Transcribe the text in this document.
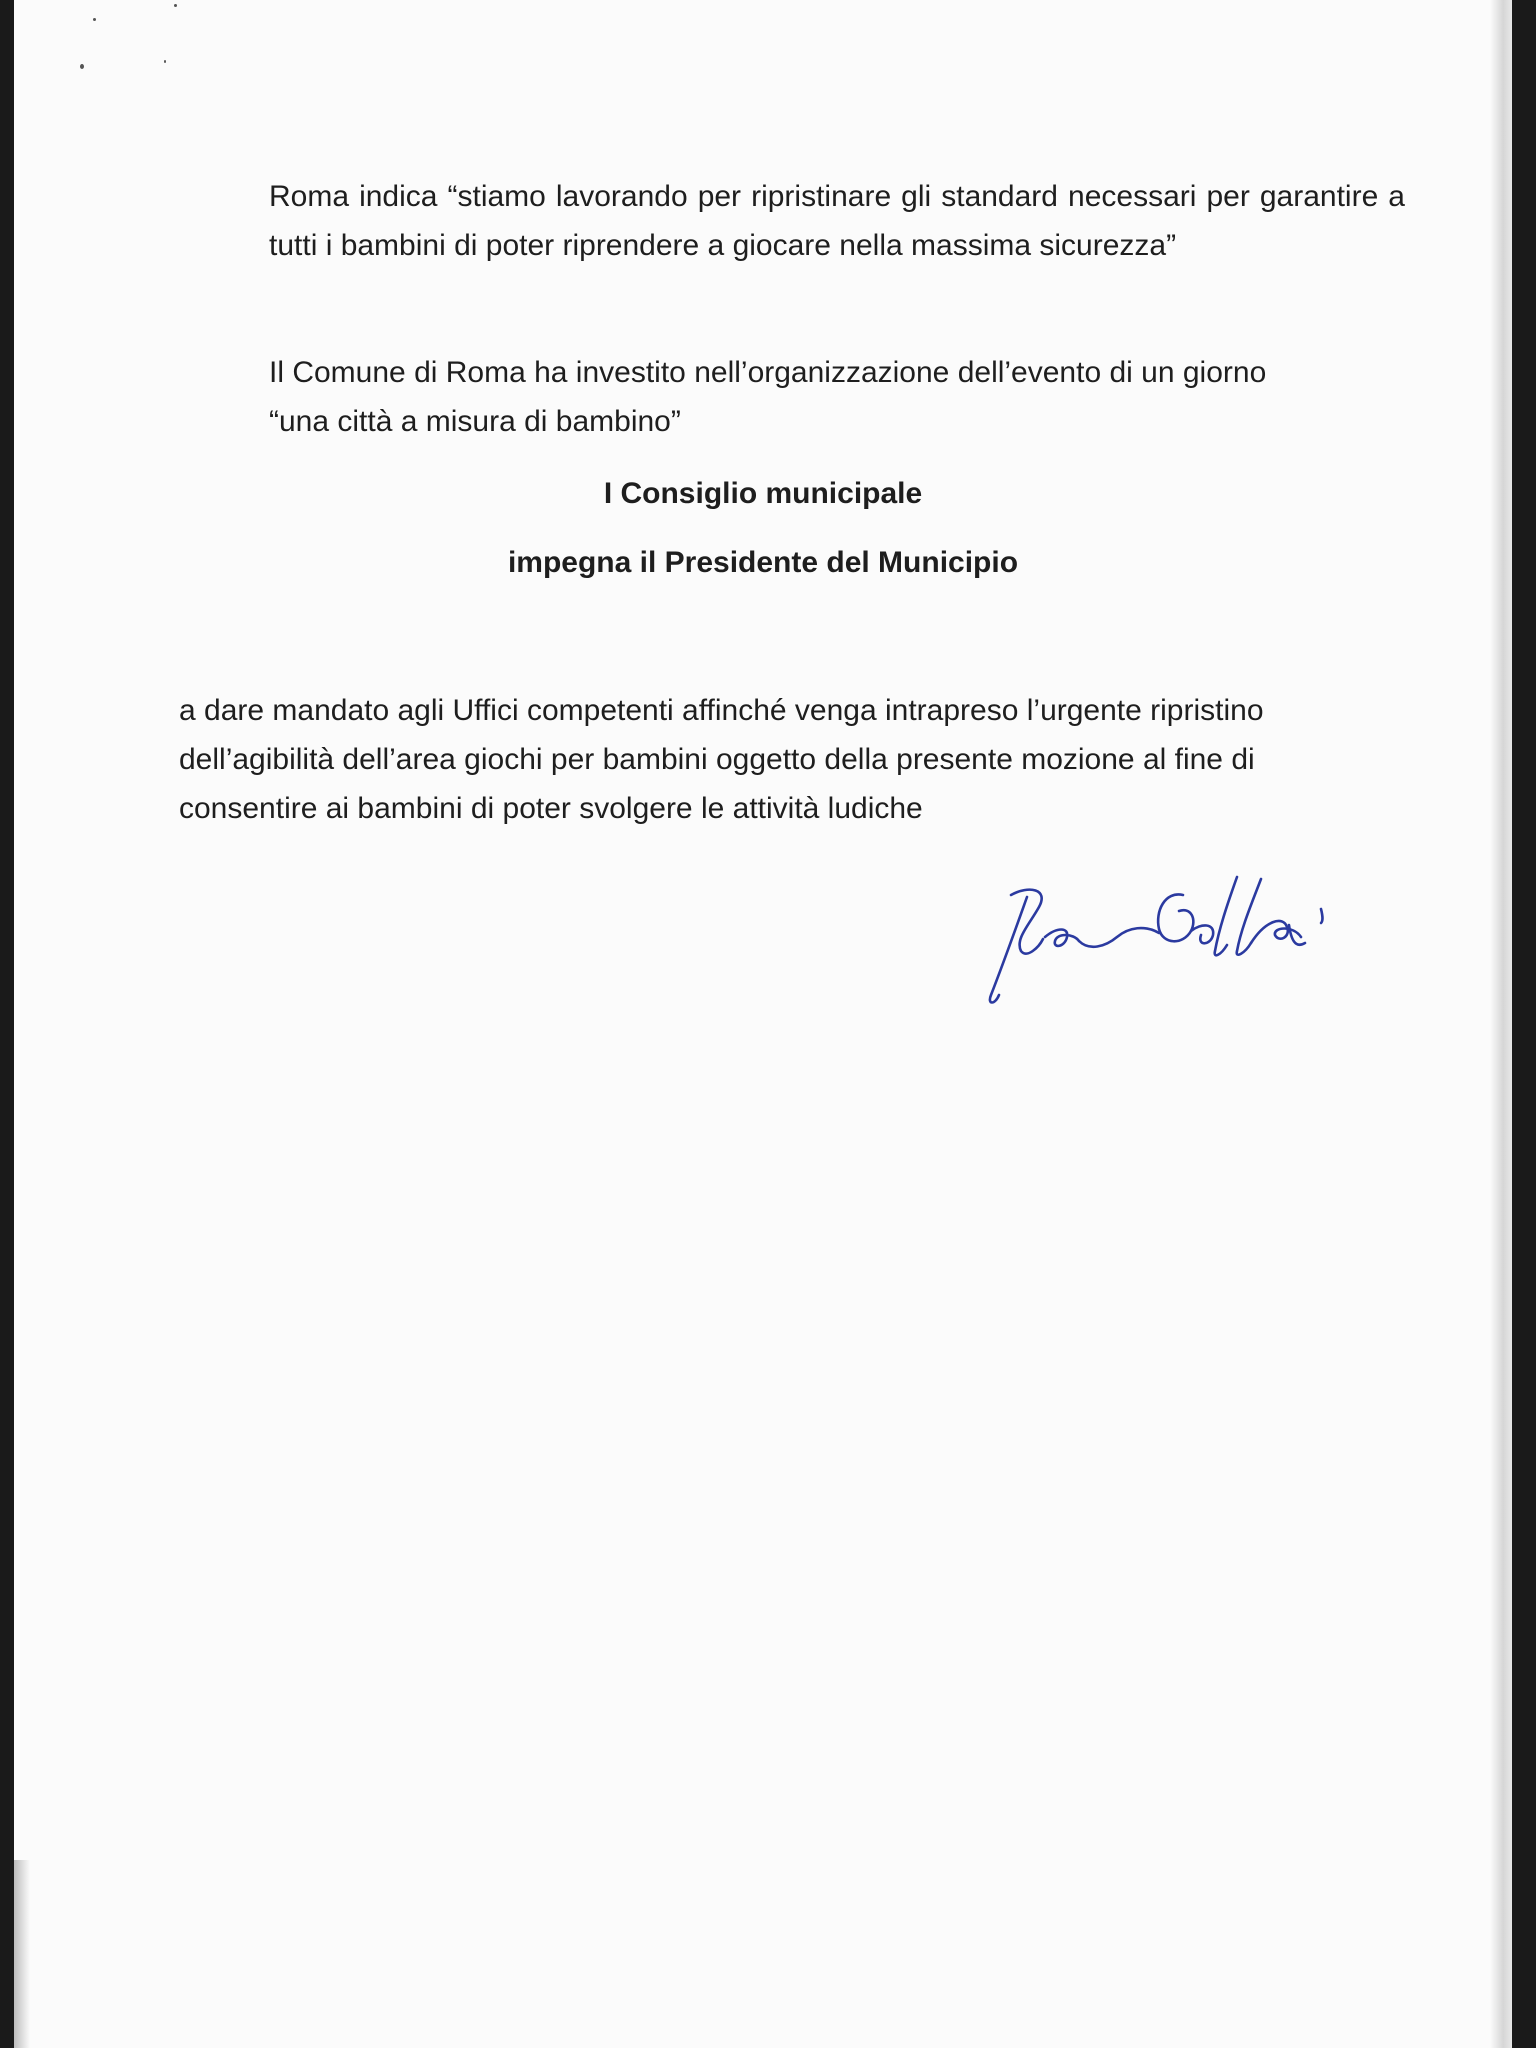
Roma indica “stiamo lavorando per ripristinare gli standard necessari per garantire a tutti i bambini di poter riprendere a giocare nella massima sicurezza”

Il Comune di Roma ha investito nell’organizzazione dell’evento di un giorno

“una città a misura di bambino”

I Consiglio municipale

impegna il Presidente del Municipio

a dare mandato agli Uffici competenti affinché venga intrapreso l’urgente ripristino

dell’agibilità dell’area giochi per bambini oggetto della presente mozione al fine di

consentire ai bambini di poter svolgere le attività ludiche
